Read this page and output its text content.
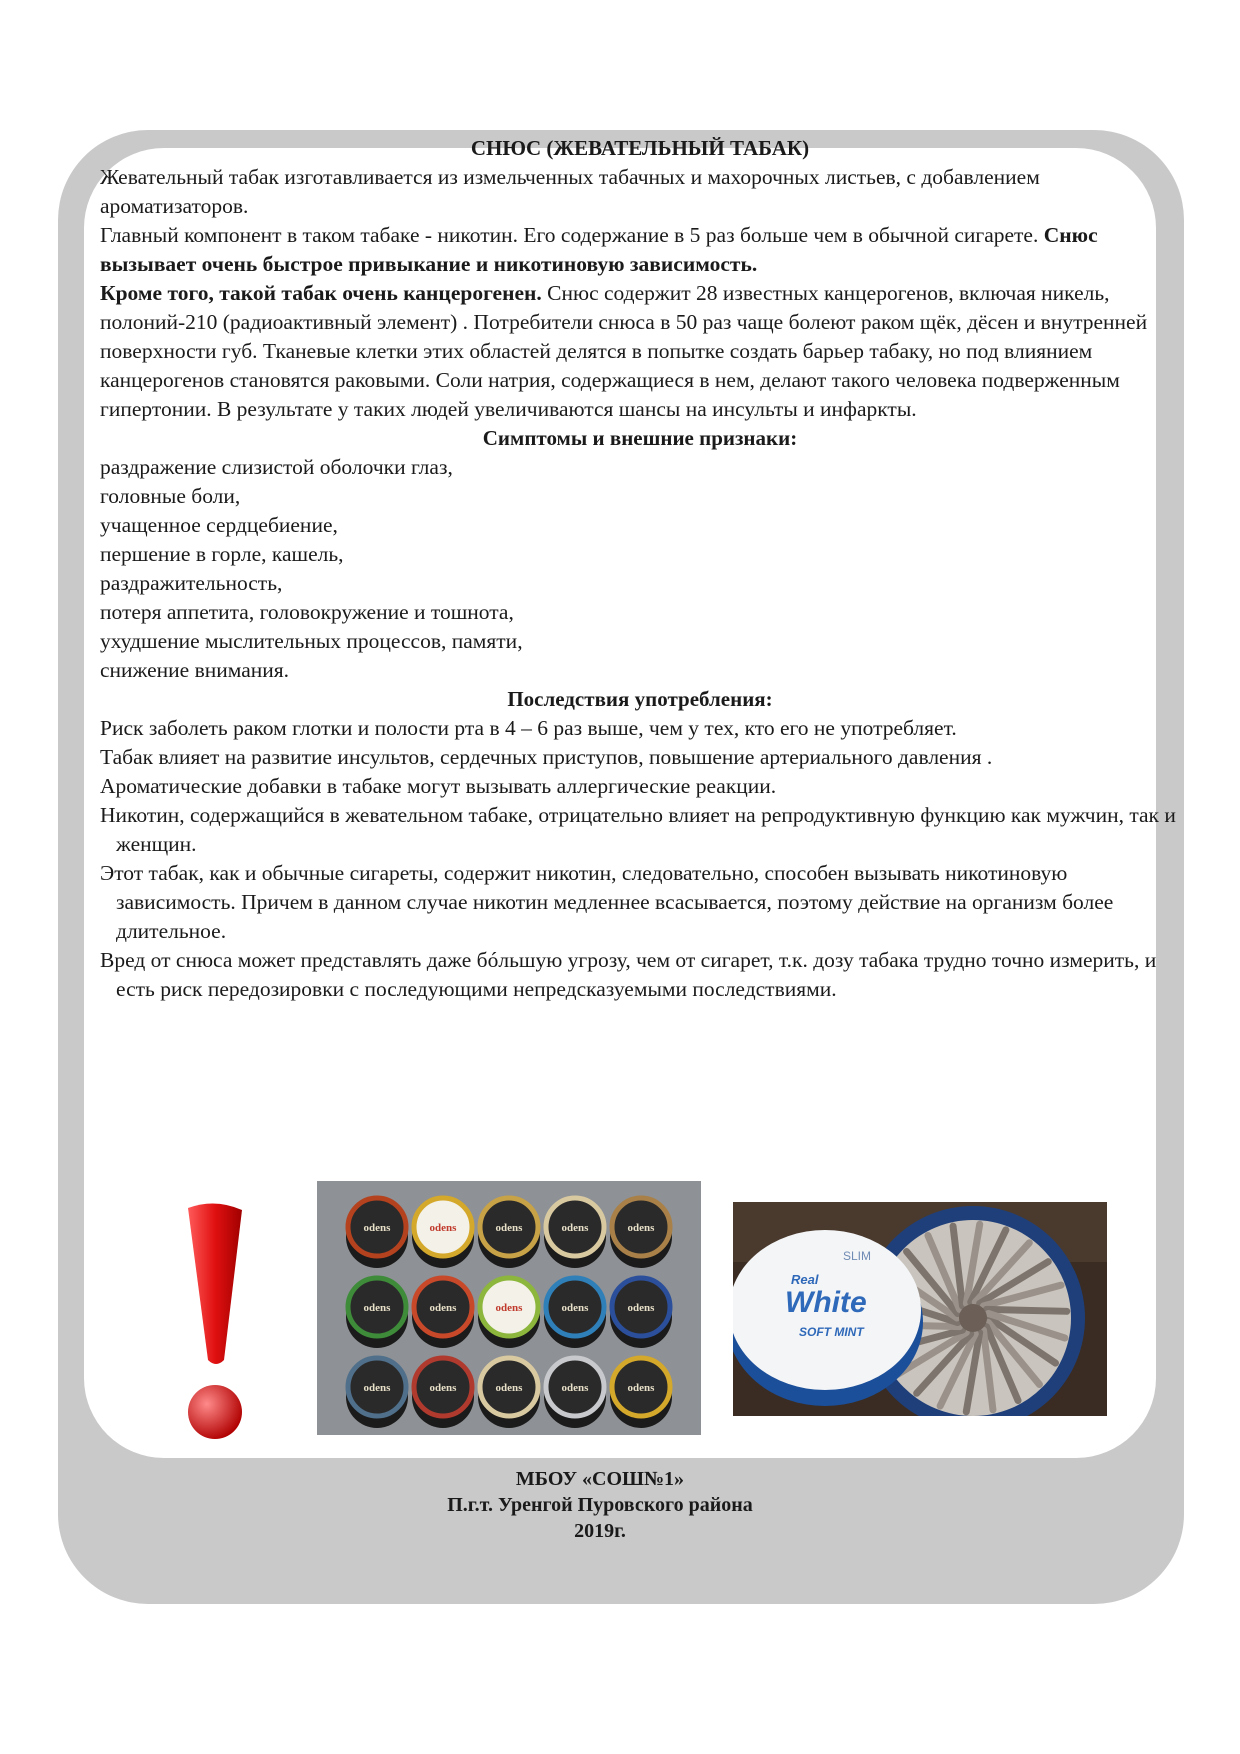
СНЮС (ЖЕВАТЕЛЬНЫЙ ТАБАК)

Жевательный табак изготавливается из измельченных табачных и махорочных листьев, с добавлением ароматизаторов.

Главный компонент в таком табаке - никотин. Его содержание в 5 раз больше чем в обычной сигарете. Снюс вызывает очень быстрое привыкание и никотиновую зависимость.

Кроме того, такой табак очень канцерогенен. Снюс содержит 28 известных канцерогенов, включая никель, полоний-210 (радиоактивный элемент) . Потребители снюса в 50 раз чаще болеют раком щёк, дёсен и внутренней поверхности губ. Тканевые клетки этих областей делятся в попытке создать барьер табаку, но под влиянием канцерогенов становятся раковыми. Соли натрия, содержащиеся в нем, делают такого человека подверженным гипертонии. В результате у таких людей увеличиваются шансы на инсульты и инфаркты.

Симптомы и внешние признаки:

раздражение слизистой оболочки глаз,

головные боли,

учащенное сердцебиение,

першение в горле, кашель,

раздражительность,

потеря аппетита, головокружение и тошнота,

ухудшение мыслительных процессов, памяти,

снижение внимания.

Последствия употребления:

Риск заболеть раком глотки и полости рта в 4 – 6 раз выше, чем у тех, кто его не употребляет.

Табак влияет на развитие инсультов, сердечных приступов, повышение артериального давления .

Ароматические добавки в табаке могут вызывать аллергические реакции.

Никотин, содержащийся в жевательном табаке, отрицательно влияет на репродуктивную функцию как мужчин, так и женщин.

Этот табак, как и обычные сигареты, содержит никотин, следовательно, способен вызывать никотиновую зависимость. Причем в данном случае никотин медленнее всасывается, поэтому действие на организм более длительное.

Вред от снюса может представлять даже бóльшую угрозу, чем от сигарет, т.к. дозу табака трудно точно измерить, и есть риск передозировки с последующими непредсказуемыми последствиями.

odens	odens	odens	odens	odens
odens	odens	odens	odens	odens
odens	odens	odens	odens	odens
SLIM
Real
White
SOFT MINT

МБОУ «СОШ№1»

П.г.т. Уренгой Пуровского района

2019г.
